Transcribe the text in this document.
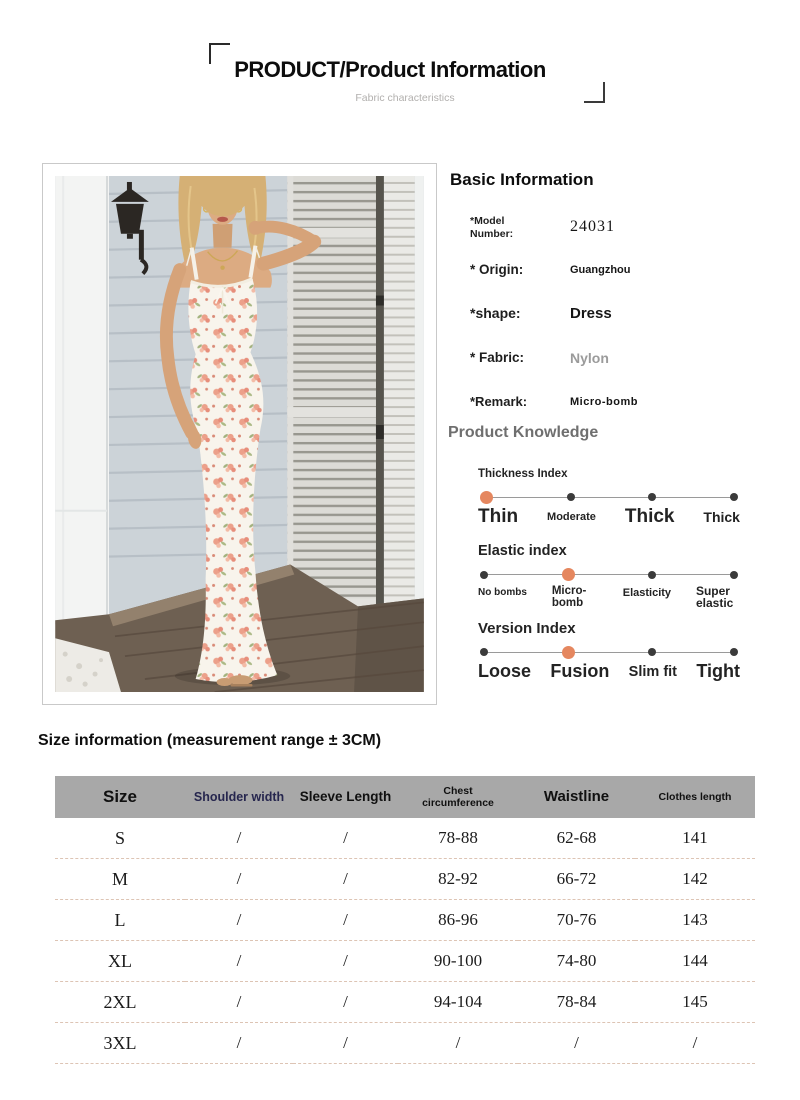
PRODUCT/Product Information
Fabric characteristics
Basic Information
*Model Number:	24031
* Origin:	Guangzhou
*shape:	Dress
* Fabric:	Nylon
*Remark:	Micro-bomb
Product Knowledge
Thickness Index
Thin	Moderate Thick Thick
Elastic index
No bombs Micro-bomb
Elasticity Super elastic
Version Index
Loose Fusion Slim fit Tight
Size information (measurement range ± 3CM)
Size	Shoulder width	Sleeve Length	Chest circumference	Waistline	Clothes length
S	/	/	78-88	62-68	141
M	/	/	82-92	66-72	142
L	/	/	86-96	70-76	143
XL	/	/	90-100	74-80	144
2XL	/	/	94-104	78-84	145
3XL	/	/	/	/	/
